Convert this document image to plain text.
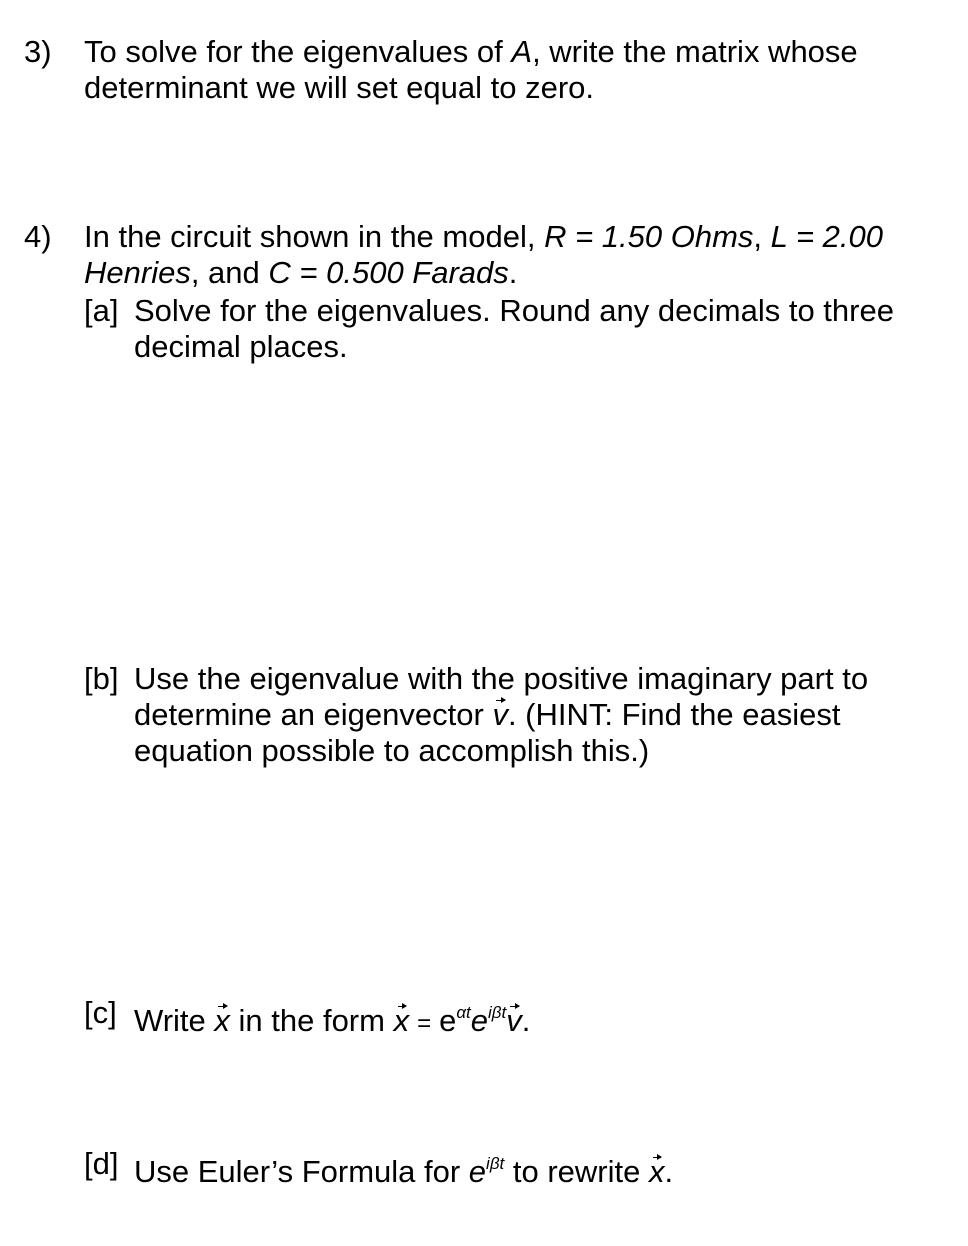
3) To solve for the eigenvalues of A, write the matrix whose
determinant we will set equal to zero.
4) In the circuit shown in the model, R = 1.50 Ohms, L = 2.00
Henries, and C = 0.500 Farads.
[a] Solve for the eigenvalues. Round any decimals to three
decimal places.
[b] Use the eigenvalue with the positive imaginary part to
determine an eigenvector v. (HINT: Find the easiest
equation possible to accomplish this.)
[c] Write x in the form $x = e^{\alpha t}e^{i\beta t}v$.
[d] Use Euler’s Formula for $e^{i\beta t}$ to rewrite x.
